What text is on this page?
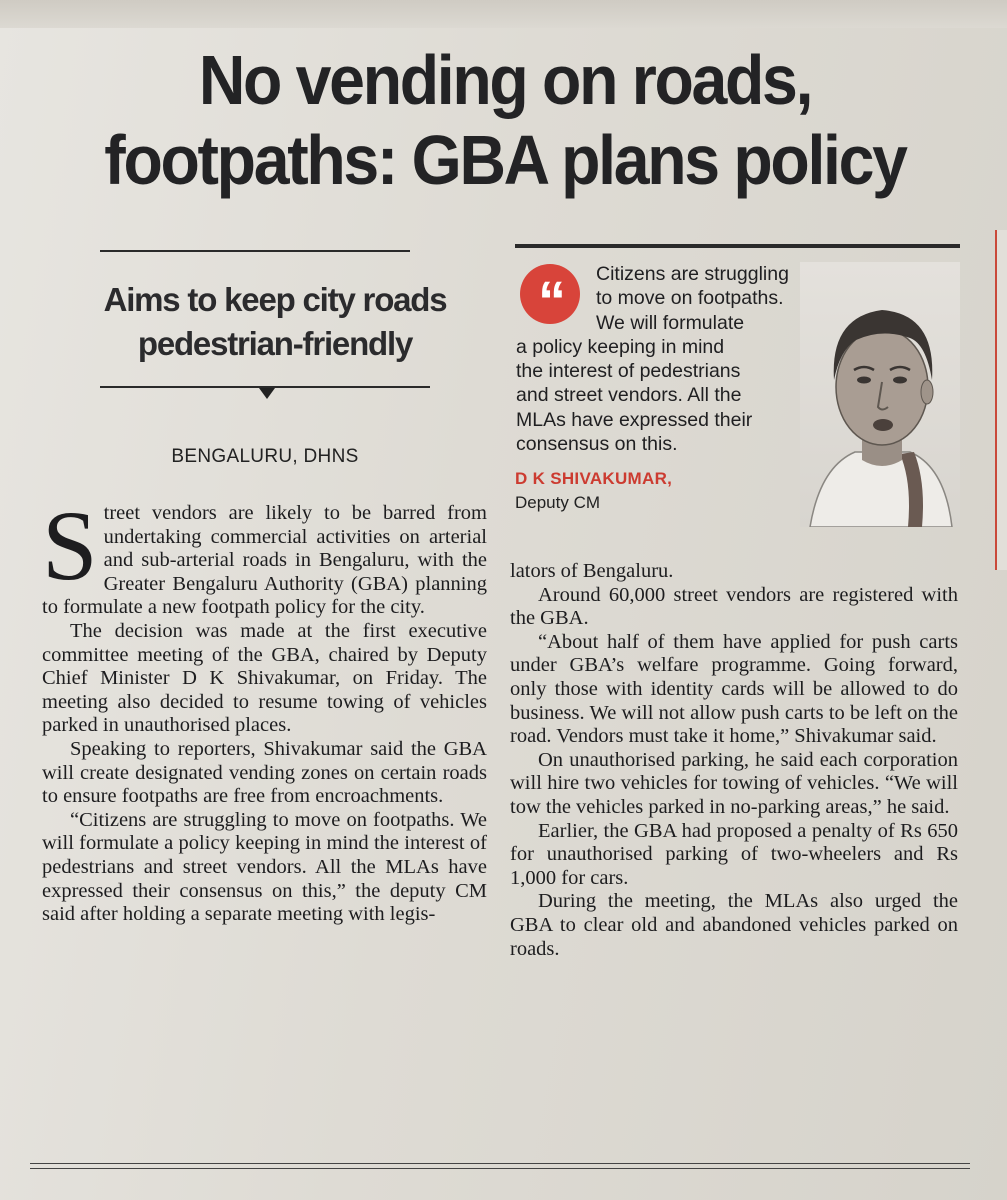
No vending on roads,
footpaths: GBA plans policy
Aims to keep city roads
pedestrian-friendly
BENGALURU, DHNS
“	Citizens are struggling
to move on footpaths.
We will formulate
a policy keeping in mind
the interest of pedestrians
and street vendors. All the
MLAs have expressed their
consensus on this.

D K SHIVAKUMAR,
Deputy CM

Street vendors are likely to be barred from undertaking commercial activities on arterial and sub-arterial roads in Bengaluru, with the Greater Bengaluru Authority (GBA) planning to formulate a new footpath policy for the city.

The decision was made at the first executive committee meeting of the GBA, chaired by Deputy Chief Minister D K Shivakumar, on Friday. The meeting also decided to resume towing of vehicles parked in unauthorised places.

Speaking to reporters, Shivakumar said the GBA will create designated vending zones on certain roads to ensure footpaths are free from encroachments.

“Citizens are struggling to move on footpaths. We will formulate a policy keeping in mind the interest of pedestrians and street vendors. All the MLAs have expressed their consensus on this,” the deputy CM said after holding a separate meeting with legis-

lators of Bengaluru.

Around 60,000 street vendors are registered with the GBA.

“About half of them have applied for push carts under GBA’s welfare programme. Going forward, only those with identity cards will be allowed to do business. We will not allow push carts to be left on the road. Vendors must take it home,” Shivakumar said.

On unauthorised parking, he said each corporation will hire two vehicles for towing of vehicles. “We will tow the vehicles parked in no-parking areas,” he said.

Earlier, the GBA had proposed a penalty of Rs 650 for unauthorised parking of two-wheelers and Rs 1,000 for cars.

During the meeting, the MLAs also urged the GBA to clear old and abandoned vehicles parked on roads.
